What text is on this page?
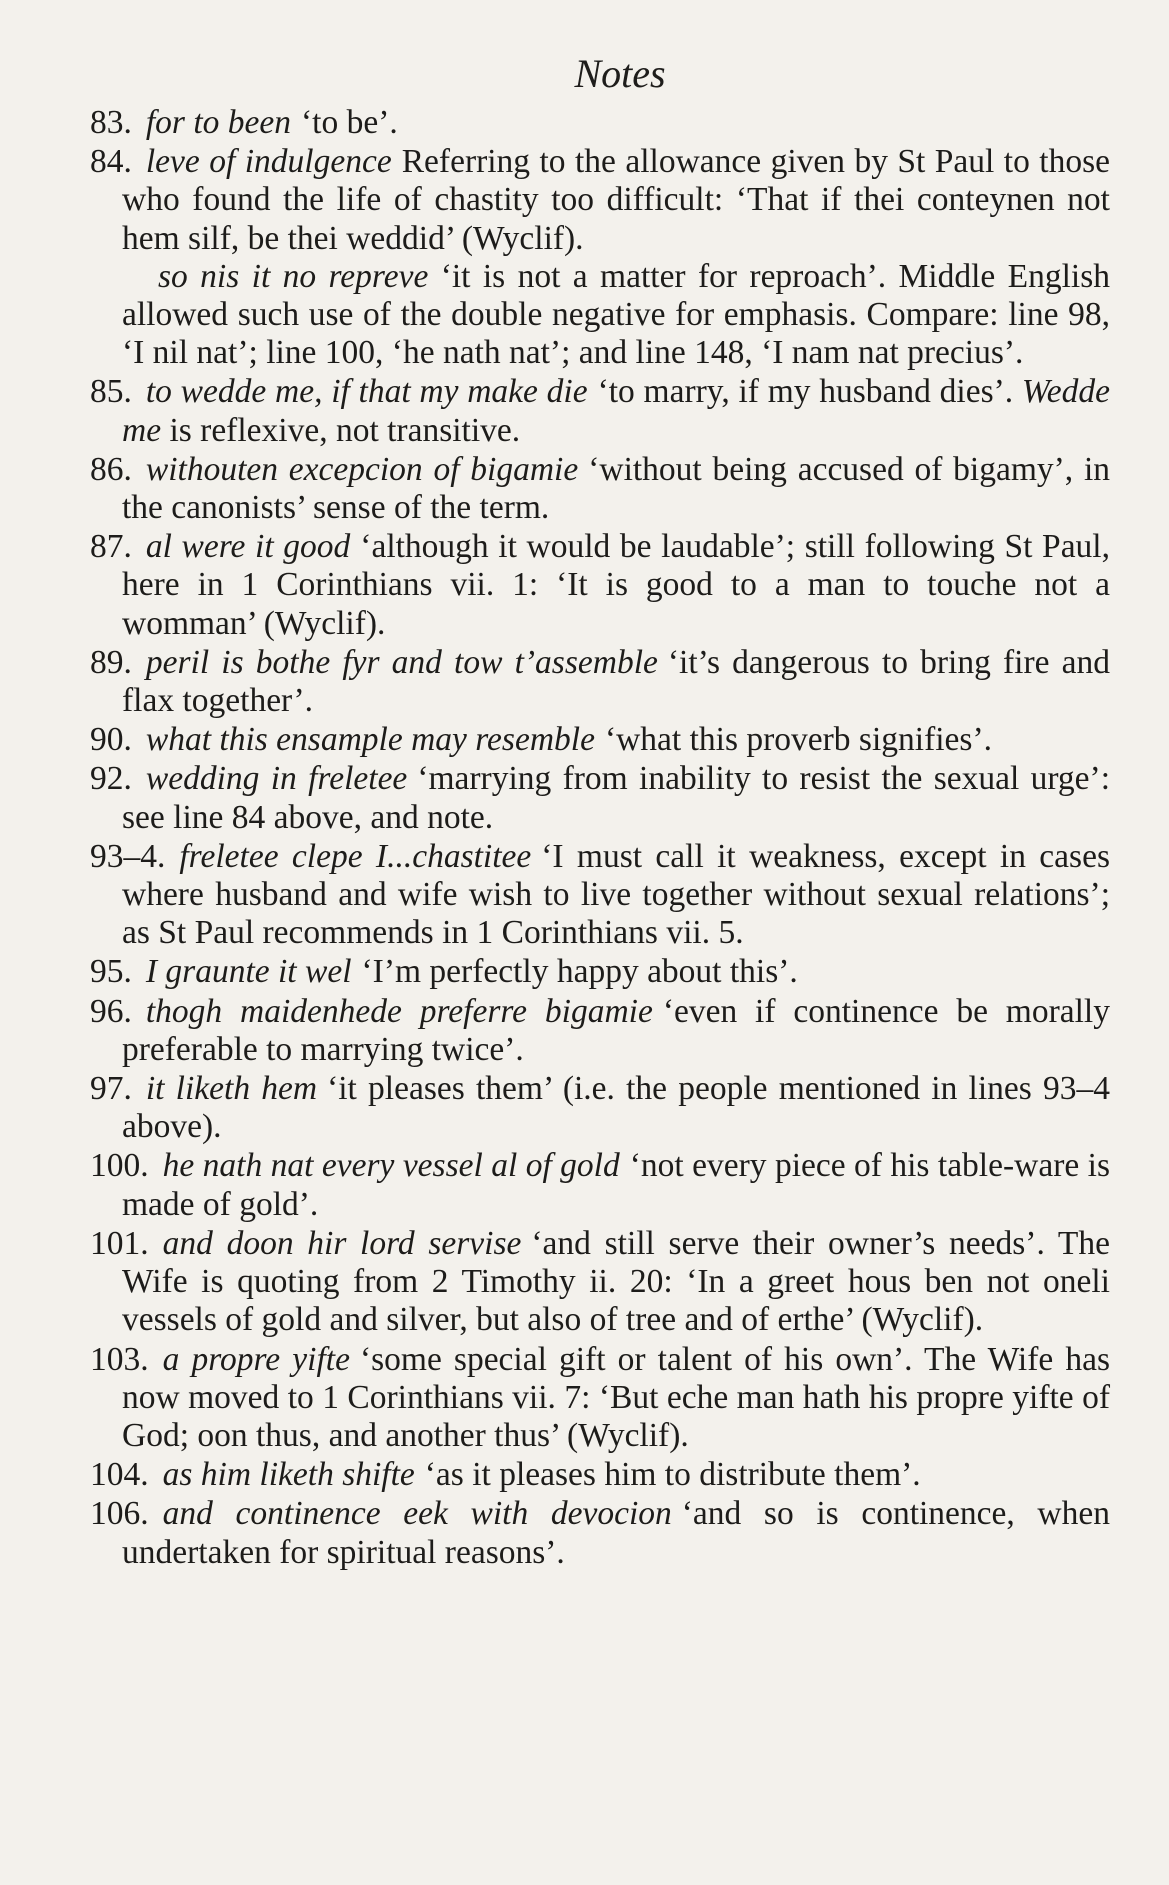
Notes

83. for to been ‘to be’.

84. leve of indulgence Referring to the allowance given by St Paul to those who found the life of chastity too difficult: ‘That if thei conteynen not hem silf, be thei weddid’ (Wyclif).
so nis it no repreve ‘it is not a matter for reproach’. Middle English allowed such use of the double negative for emphasis. Compare: line 98, ‘I nil nat’; line 100, ‘he nath nat’; and line 148, ‘I nam nat precius’.

85. to wedde me, if that my make die ‘to marry, if my husband dies’. Wedde me is reflexive, not transitive.

86. withouten excepcion of bigamie ‘without being accused of bigamy’, in the canonists’ sense of the term.

87. al were it good ‘although it would be laudable’; still following St Paul, here in 1 Corinthians vii. 1: ‘It is good to a man to touche not a womman’ (Wyclif).

89. peril is bothe fyr and tow t’assemble ‘it’s dangerous to bring fire and flax together’.

90. what this ensample may resemble ‘what this proverb signifies’.

92. wedding in freletee ‘marrying from inability to resist the sexual urge’: see line 84 above, and note.

93–4. freletee clepe I...chastitee ‘I must call it weakness, except in cases where husband and wife wish to live together without sexual relations’; as St Paul recommends in 1 Corinthians vii. 5.

95. I graunte it wel ‘I’m perfectly happy about this’.

96. thogh maidenhede preferre bigamie ‘even if continence be morally preferable to marrying twice’.

97. it liketh hem ‘it pleases them’ (i.e. the people mentioned in lines 93–4 above).

100. he nath nat every vessel al of gold ‘not every piece of his table-ware is made of gold’.

101. and doon hir lord servise ‘and still serve their owner’s needs’. The Wife is quoting from 2 Timothy ii. 20: ‘In a greet hous ben not oneli vessels of gold and silver, but also of tree and of erthe’ (Wyclif).

103. a propre yifte ‘some special gift or talent of his own’. The Wife has now moved to 1 Corinthians vii. 7: ‘But eche man hath his propre yifte of God; oon thus, and another thus’ (Wyclif).

104. as him liketh shifte ‘as it pleases him to distribute them’.

106. and continence eek with devocion ‘and so is continence, when undertaken for spiritual reasons’.
